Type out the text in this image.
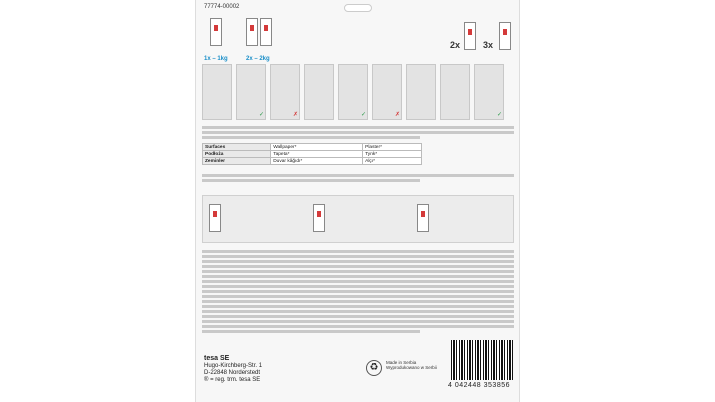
77774-00002
1x – 1kg	2x – 2kg
2x	3x
✓
✗
✓
✗
✓
Surfaces	Wallpaper*	Plaster*
Podłoża	Tapeta*	Tynk*
Zeminler	Duvar kâğıdı*	Alçı*
tesa SE
Hugo-Kirchberg-Str. 1
D-22848 Norderstedt
® = reg. trm. tesa SE
♻	Made in Serbia
Wyprodukowano w Serbii
4 042448 353856
